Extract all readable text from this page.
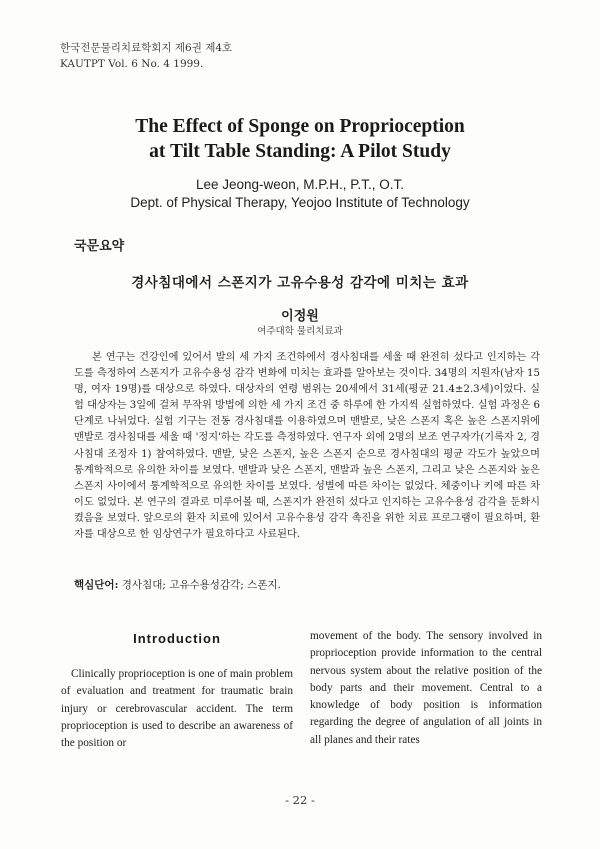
한국전문물리치료학회지 제6권 제4호
KAUTPT Vol. 6 No. 4 1999.
The Effect of Sponge on Proprioception
at Tilt Table Standing: A Pilot Study
Lee Jeong-weon, M.P.H., P.T., O.T.
Dept. of Physical Therapy, Yeojoo Institute of Technology
국문요약
경사침대에서 스폰지가 고유수용성 감각에 미치는 효과
이정원
여주대학 물리치료과
본 연구는 건강인에 있어서 발의 세 가지 조건하에서 경사침대를 세울 때 완전히 섰다고 인지하는 각도를 측정하여 스폰지가 고유수용성 감각 변화에 미치는 효과를 알아보는 것이다. 34명의 지원자(남자 15명, 여자 19명)를 대상으로 하였다. 대상자의 연령 범위는 20세에서 31세(평균 21.4±2.3세)이었다. 실험 대상자는 3일에 걸쳐 무작위 방법에 의한 세 가지 조건 중 하루에 한 가지씩 실험하였다. 실험 과정은 6단계로 나뉘었다. 실험 기구는 전동 경사침대를 이용하였으며 맨발로, 낮은 스폰지 혹은 높은 스폰지위에 맨발로 경사침대를 세울 때 '정지'하는 각도를 측정하였다. 연구자 외에 2명의 보조 연구자가(기록자 2, 경사침대 조정자 1) 참여하였다. 맨발, 낮은 스폰지, 높은 스폰지 순으로 경사침대의 평균 각도가 높았으며 통계학적으로 유의한 차이를 보였다. 맨발과 낮은 스폰지, 맨발과 높은 스폰지, 그리고 낮은 스폰지와 높은 스폰지 사이에서 통계학적으로 유의한 차이를 보였다. 성별에 따른 차이는 없었다. 체중이나 키에 따른 차이도 없었다. 본 연구의 결과로 미루어볼 때, 스폰지가 완전히 섰다고 인지하는 고유수용성 감각을 둔화시켰음을 보였다. 앞으로의 환자 치료에 있어서 고유수용성 감각 촉진을 위한 치료 프로그램이 필요하며, 환자를 대상으로 한 임상연구가 필요하다고 사료된다.
핵심단어: 경사침대; 고유수용성감각; 스폰지.
Introduction
Clinically proprioception is one of main problem of evaluation and treatment for traumatic brain injury or cerebrovascular accident. The term proprioception is used to describe an awareness of the position or
movement of the body. The sensory involved in proprioception provide information to the central nervous system about the relative position of the body parts and their movement. Central to a knowledge of body position is information regarding the degree of angulation of all joints in all planes and their rates
- 22 -
